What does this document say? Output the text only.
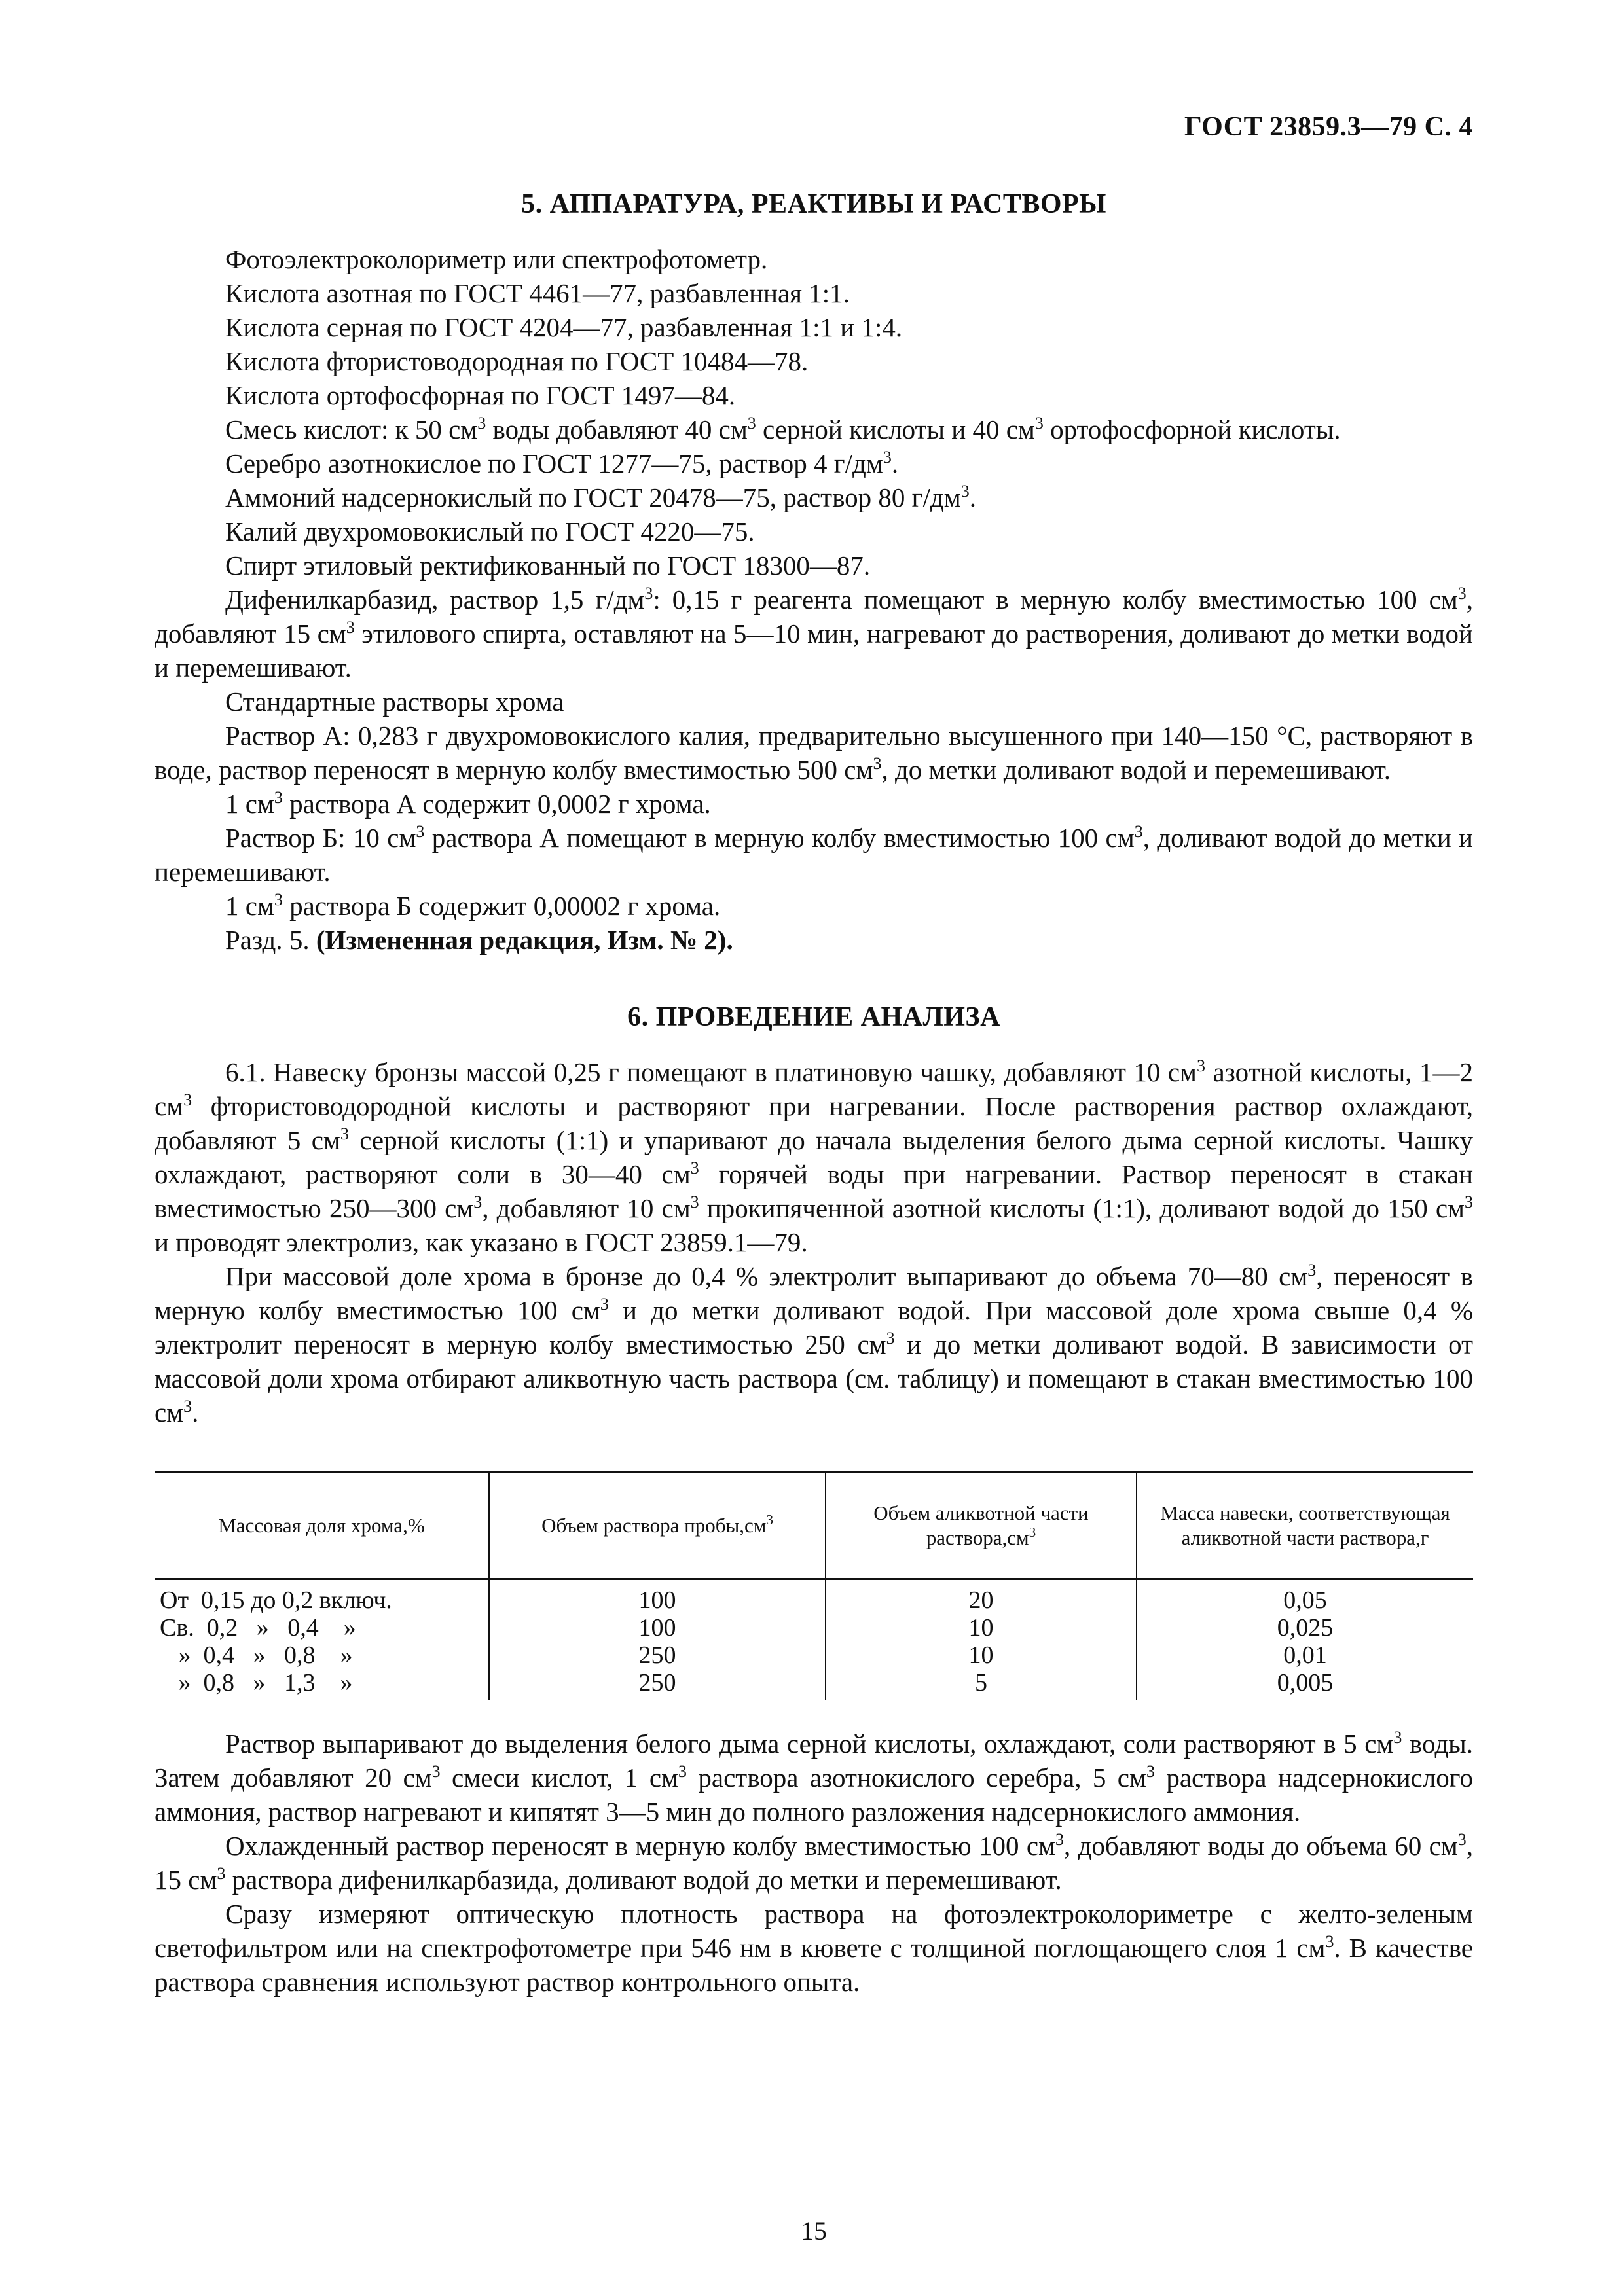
ГОСТ 23859.3—79 С. 4
5. АППАРАТУРА, РЕАКТИВЫ И РАСТВОРЫ

Фотоэлектроколориметр или спектрофотометр.

Кислота азотная по ГОСТ 4461—77, разбавленная 1:1.

Кислота серная по ГОСТ 4204—77, разбавленная 1:1 и 1:4.

Кислота фтористоводородная по ГОСТ 10484—78.

Кислота ортофосфорная по ГОСТ 1497—84.

Смесь кислот: к 50 $см^3$ воды добавляют 40 $см^3$ серной кислоты и 40 $см^3$ ортофосфорной кислоты.

Серебро азотнокислое по ГОСТ 1277—75, раствор 4 $г/дм^3$.

Аммоний надсернокислый по ГОСТ 20478—75, раствор 80 $г/дм^3$.

Калий двухромовокислый по ГОСТ 4220—75.

Спирт этиловый ректификованный по ГОСТ 18300—87.

Дифенилкарбазид, раствор 1,5 $г/дм^3$: 0,15 г реагента помещают в мерную колбу вместимостью 100 $см^3$, добавляют 15 $см^3$ этилового спирта, оставляют на 5—10 мин, нагревают до растворения, доливают до метки водой и перемешивают.

Стандартные растворы хрома

Раствор А: 0,283 г двухромовокислого калия, предварительно высушенного при 140—150 °С, растворяют в воде, раствор переносят в мерную колбу вместимостью 500 $см^3$, до метки доливают водой и перемешивают.

1 $см^3$ раствора А содержит 0,0002 г хрома.

Раствор Б: 10 $см^3$ раствора А помещают в мерную колбу вместимостью 100 $см^3$, доливают водой до метки и перемешивают.

1 $см^3$ раствора Б содержит 0,00002 г хрома.

Разд. 5. (Измененная редакция, Изм. № 2).

6. ПРОВЕДЕНИЕ АНАЛИЗА

6.1. Навеску бронзы массой 0,25 г помещают в платиновую чашку, добавляют 10 $см^3$ азотной кислоты, 1—2 $см^3$ фтористоводородной кислоты и растворяют при нагревании. После растворения раствор охлаждают, добавляют 5 $см^3$ серной кислоты (1:1) и упаривают до начала выделения белого дыма серной кислоты. Чашку охлаждают, растворяют соли в 30—40 $см^3$ горячей воды при нагревании. Раствор переносят в стакан вместимостью 250—300 $см^3$, добавляют 10 $см^3$ прокипяченной азотной кислоты (1:1), доливают водой до 150 $см^3$ и проводят электролиз, как указано в ГОСТ 23859.1—79.

При массовой доле хрома в бронзе до 0,4 % электролит выпаривают до объема 70—80 $см^3$, переносят в мерную колбу вместимостью 100 $см^3$ и до метки доливают водой. При массовой доле хрома свыше 0,4 % электролит переносят в мерную колбу вместимостью 250 $см^3$ и до метки доливают водой. В зависимости от массовой доли хрома отбирают аликвотную часть раствора (см. таблицу) и помещают в стакан вместимостью 100 $см^3$.

Массовая доля хрома,%	Объем раствора $пробы,см^3$	Объем аликвотной части $раствора,см^3$	Масса навески, соответствующая аликвотной части раствора,г
От  0,15 до 0,2 включ.	100	20	0,05
Св.  0,2   »   0,4    »	100	10	0,025
»  0,4   »   0,8    »	250	10	0,01
»  0,8   »   1,3    »	250	5	0,005

Раствор выпаривают до выделения белого дыма серной кислоты, охлаждают, соли растворяют в 5 $см^3$ воды. Затем добавляют 20 $см^3$ смеси кислот, 1 $см^3$ раствора азотнокислого серебра, 5 $см^3$ раствора надсернокислого аммония, раствор нагревают и кипятят 3—5 мин до полного разложения надсернокислого аммония.

Охлажденный раствор переносят в мерную колбу вместимостью 100 $см^3$, добавляют воды до объема 60 $см^3$, 15 $см^3$ раствора дифенилкарбазида, доливают водой до метки и перемешивают.

Сразу измеряют оптическую плотность раствора на фотоэлектроколориметре с желто-зеленым светофильтром или на спектрофотометре при 546 нм в кювете с толщиной поглощающего слоя 1 $см^3$. В качестве раствора сравнения используют раствор контрольного опыта.

15
